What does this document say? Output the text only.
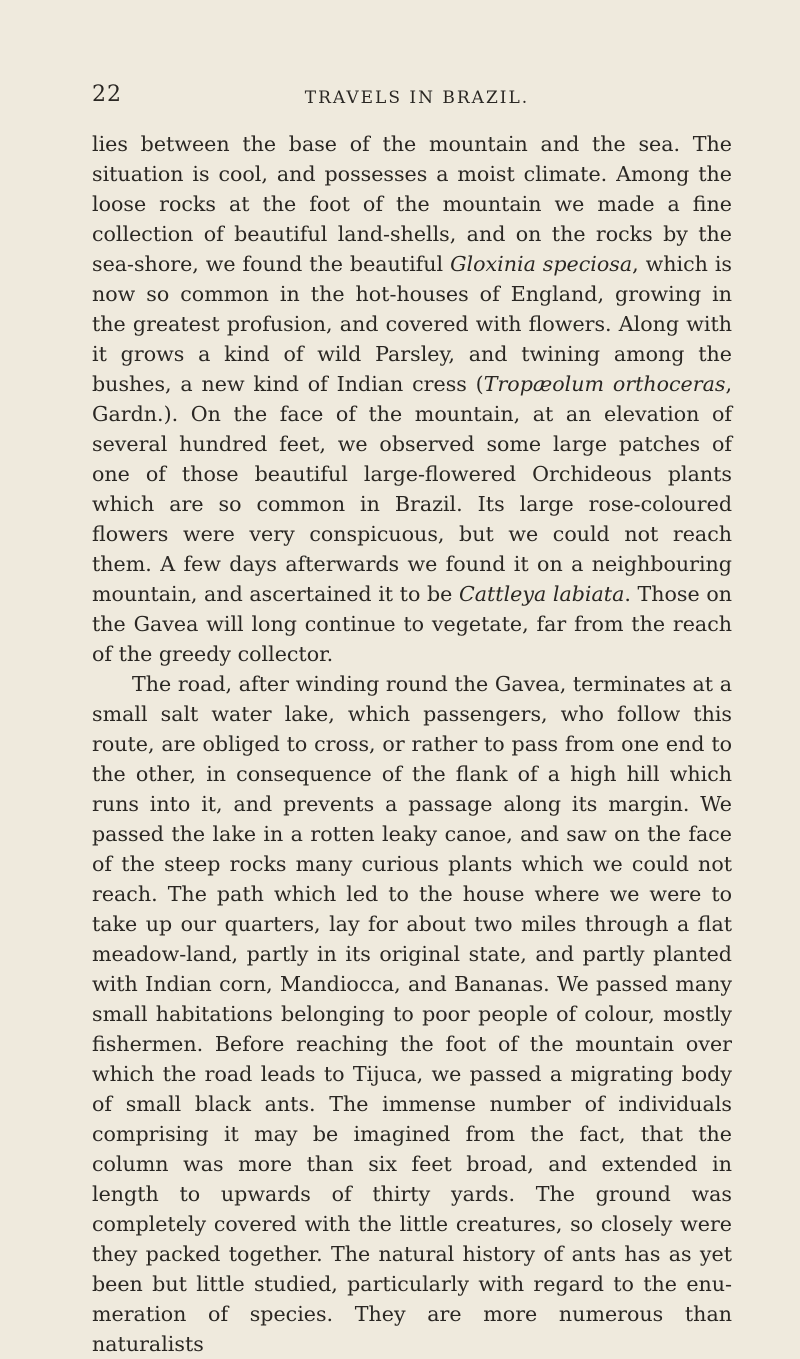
22	TRAVELS IN BRAZIL.

lies between the base of the mountain and the sea. The situation is cool, and possesses a moist climate. Among the loose rocks at the foot of the mountain we made a fine collection of beautiful land-shells, and on the rocks by the sea-shore, we found the beautiful Gloxinia speciosa, which is now so common in the hot-houses of England, growing in the greatest profusion, and covered with flowers. Along with it grows a kind of wild Parsley, and twining among the bushes, a new kind of Indian cress (Tropæolum orthoceras, Gardn.). On the face of the mountain, at an elevation of several hundred feet, we observed some large patches of one of those beautiful large-flowered Orchideous plants which are so common in Brazil. Its large rose-coloured flowers were very conspicuous, but we could not reach them. A few days afterwards we found it on a neighbouring mountain, and ascertained it to be Cattleya labiata. Those on the Gavea will long continue to vegetate, far from the reach of the greedy collector.

The road, after winding round the Gavea, terminates at a small salt water lake, which passengers, who follow this route, are obliged to cross, or rather to pass from one end to the other, in consequence of the flank of a high hill which runs into it, and prevents a passage along its margin. We passed the lake in a rotten leaky canoe, and saw on the face of the steep rocks many curious plants which we could not reach. The path which led to the house where we were to take up our quarters, lay for about two miles through a flat meadow-land, partly in its original state, and partly planted with Indian corn, Mandiocca, and Bananas. We passed many small habitations belonging to poor people of colour, mostly fishermen. Before reaching the foot of the mountain over which the road leads to Tijuca, we passed a migrating body of small black ants. The immense number of individuals comprising it may be imagined from the fact, that the column was more than six feet broad, and extended in length to upwards of thirty yards. The ground was completely covered with the little creatures, so closely were they packed together. The natural history of ants has as yet been but little studied, particularly with regard to the enumeration of species. They are more numerous than naturalists
